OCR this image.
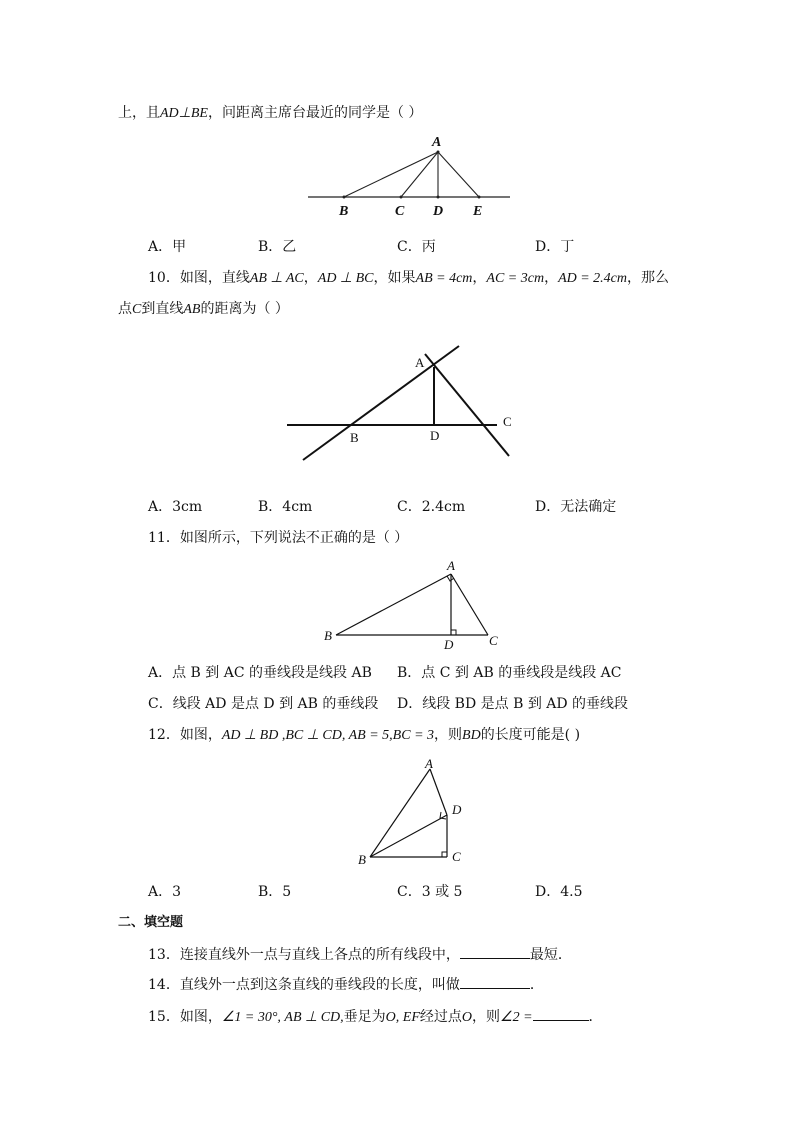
上，且AD⊥BE，问距离主席台最近的同学是（ ）
A
B	C D E
A．甲	B．乙	C．丙	D．丁
10．如图，直线AB ⊥ AC，AD ⊥ BC，如果AB = 4cm，AC = 3cm，AD = 2.4cm，那么
点C到直线AB的距离为（ ）
A
B	D
C
A．3cm	B．4cm	C．2.4cm	D．无法确定
11．如图所示，下列说法不正确的是（ ）
A
B
D	C
A．点 B 到 AC 的垂线段是线段 AB B．点 C 到 AB 的垂线段是线段 AC
C．线段 AD 是点 D 到 AB 的垂线段 D．线段 BD 是点 B 到 AD 的垂线段
12．如图，AD ⊥ BD ,BC ⊥ CD, AB = 5,BC = 3，则BD的长度可能是( )
A
D
B	C
A．3	B．5	C．3 或 5	D．4.5
二、填空题
13．连接直线外一点与直线上各点的所有线段中，	最短．
14．直线外一点到这条直线的垂线段的长度，叫做	．
15．如图，∠1 = 30°, AB ⊥ CD,垂足为O, EF经过点O，则∠2 =	．
